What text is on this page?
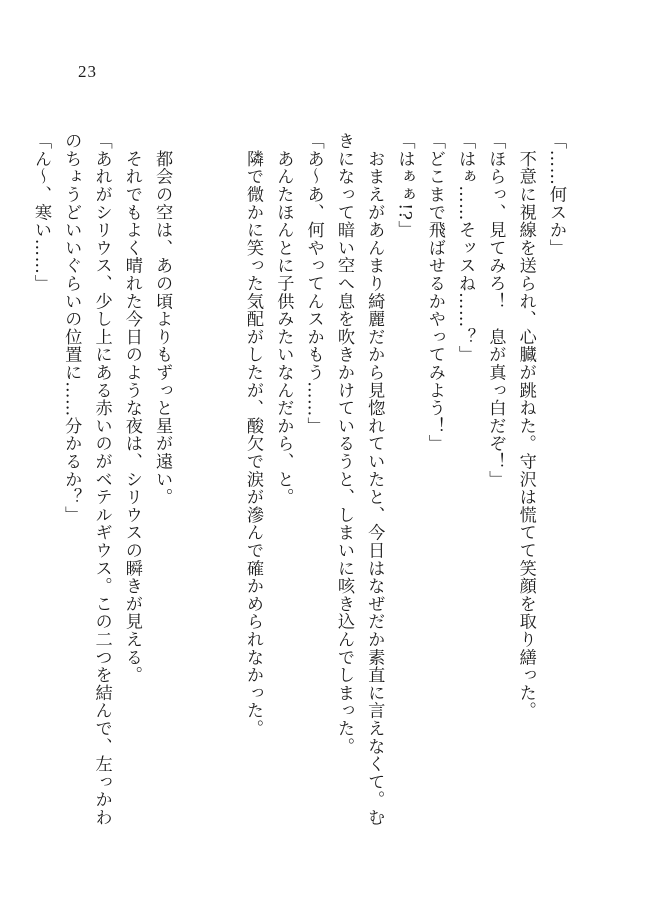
23
「……何スか」
　不意に視線を送られ、心臓が跳ねた。守沢は慌てて笑顔を取り繕った。
「ほらっ、見てみろ！　息が真っ白だぞ！」
「はぁ……そッスね……？」
「どこまで飛ばせるかやってみよう！」
「はぁぁ!?」
　おまえがあんまり綺麗だから見惚れていたと、今日はなぜだか素直に言えなくて。む
きになって暗い空へ息を吹きかけているうと、しまいに咳き込んでしまった。
「あ〜あ、何やってんスかもう……」
　あんたほんとに子供みたいなんだから、と。
　隣で微かに笑った気配がしたが、酸欠で涙が滲んで確かめられなかった。

　都会の空は、あの頃よりもずっと星が遠い。
　それでもよく晴れた今日のような夜は、シリウスの瞬きが見える。
「あれがシリウス、少し上にある赤いのがベテルギウス。この二つを結んで、左っかわ
のちょうどいいぐらいの位置に……分かるか？」
「ん〜、寒い……」
